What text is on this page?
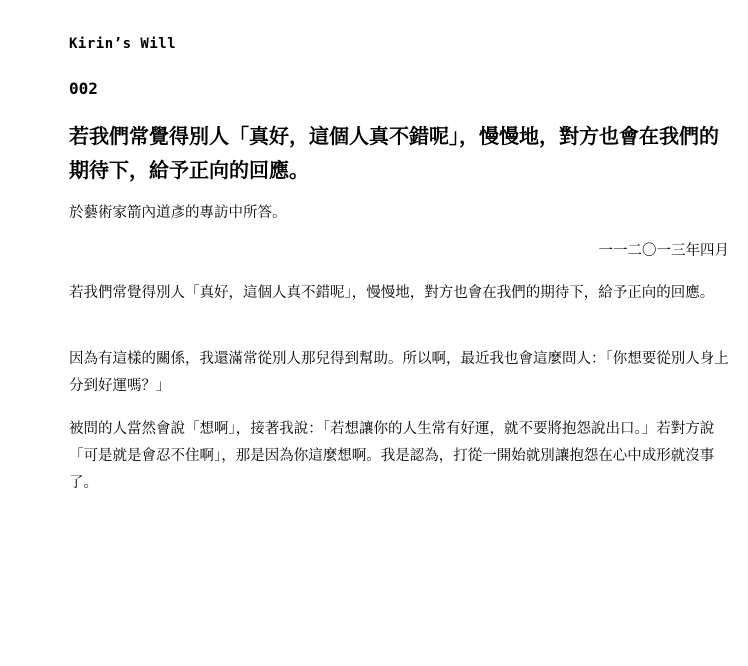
Kirin’s Will
002
若我們常覺得別人「真好，這個人真不錯呢」，慢慢地，對方也會在我們的期待下，給予正向的回應。

於藝術家箭內道彥的專訪中所答。

一一二〇一三年四月

若我們常覺得別人「真好，這個人真不錯呢」，慢慢地，對方也會在我們的期待下，給予正向的回應。

因為有這樣的關係，我還滿常從別人那兒得到幫助。所以啊，最近我也會這麼問人：「你想要從別人身上分到好運嗎？」

被問的人當然會說「想啊」，接著我說：「若想讓你的人生常有好運，就不要將抱怨說出口。」若對方說「可是就是會忍不住啊」，那是因為你這麼想啊。我是認為，打從一開始就別讓抱怨在心中成形就沒事了。
